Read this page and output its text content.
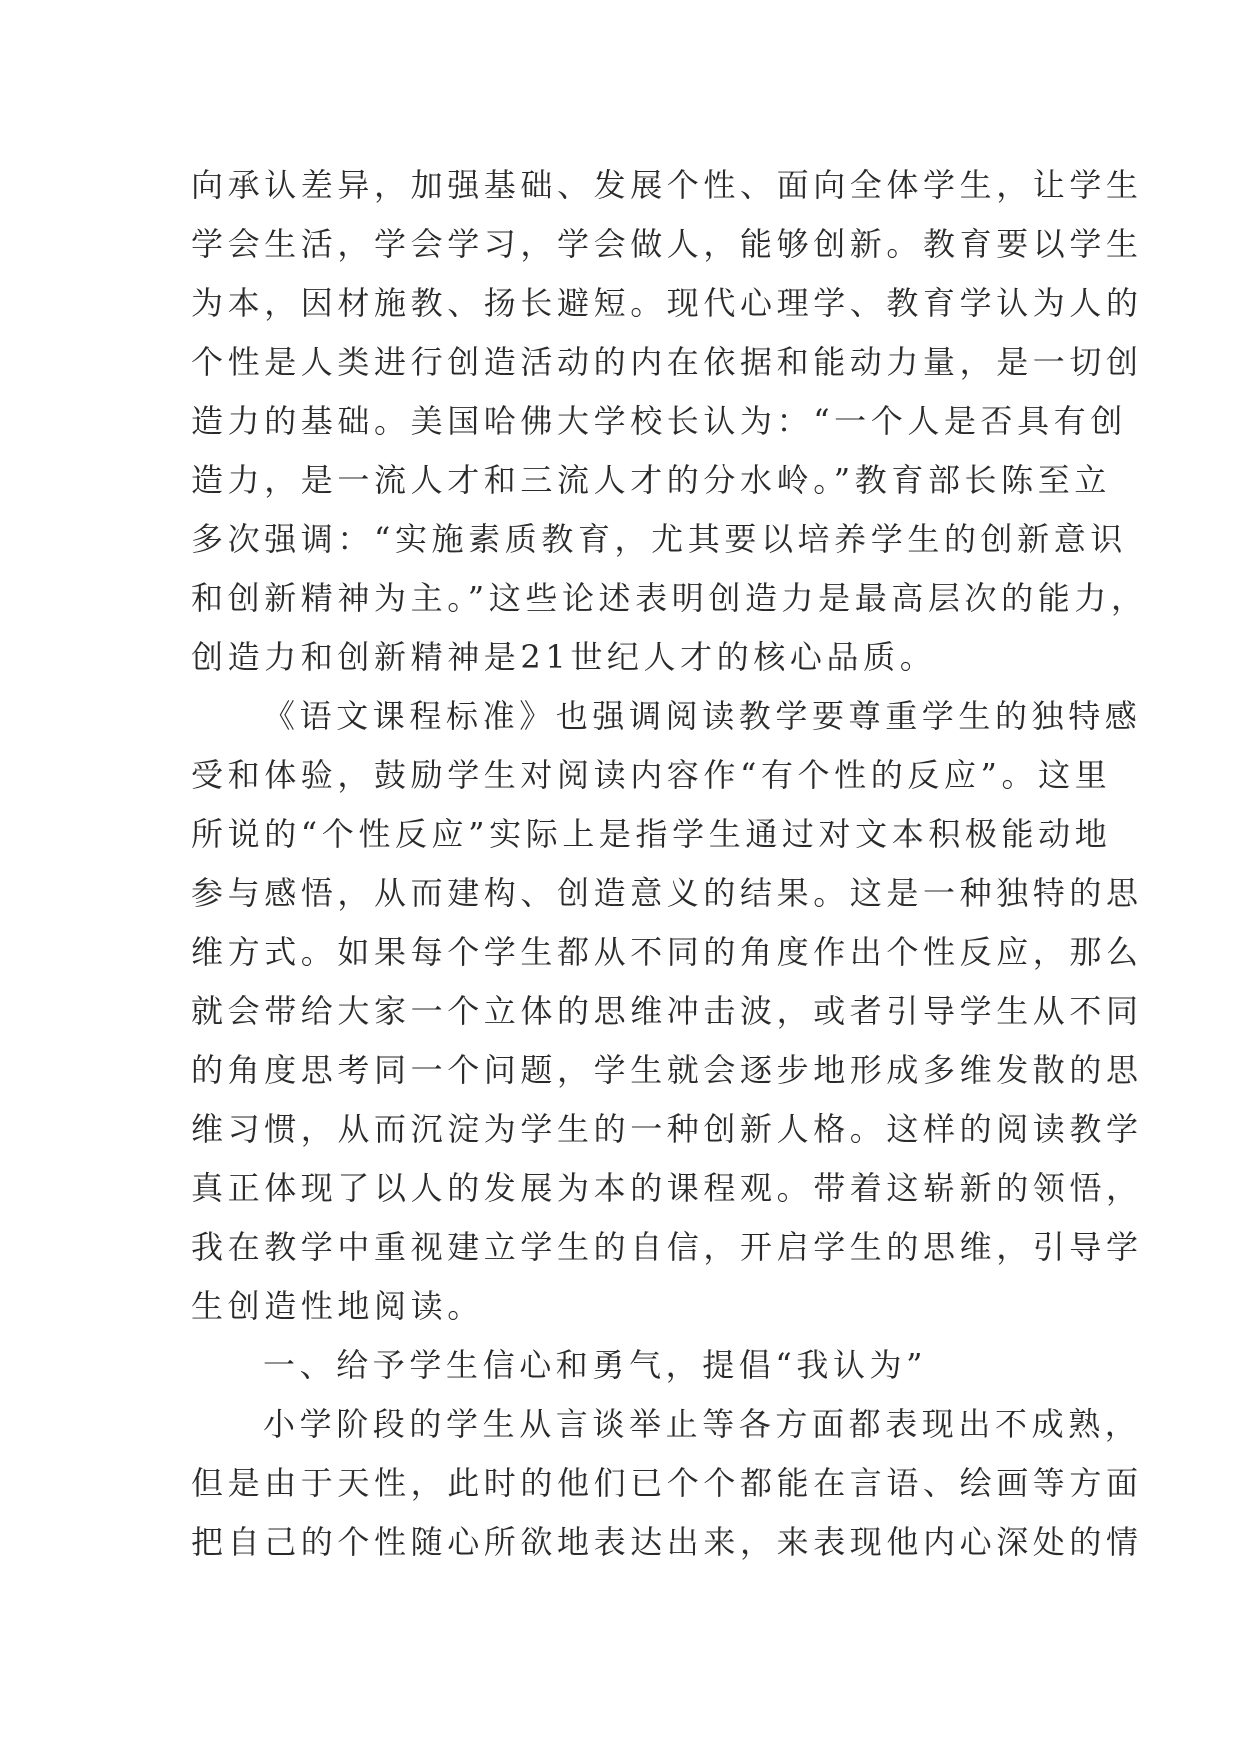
向承认差异，加强基础、发展个性、面向全体学生，让学生
学会生活，学会学习，学会做人，能够创新。教育要以学生
为本，因材施教、扬长避短。现代心理学、教育学认为人的
个性是人类进行创造活动的内在依据和能动力量，是一切创
造力的基础。美国哈佛大学校长认为：“一个人是否具有创
造力，是一流人才和三流人才的分水岭。”教育部长陈至立
多次强调：“实施素质教育，尤其要以培养学生的创新意识
和创新精神为主。”这些论述表明创造力是最高层次的能力，
创造力和创新精神是21世纪人才的核心品质。
《语文课程标准》也强调阅读教学要尊重学生的独特感
受和体验，鼓励学生对阅读内容作“有个性的反应”。这里
所说的“个性反应”实际上是指学生通过对文本积极能动地
参与感悟，从而建构、创造意义的结果。这是一种独特的思
维方式。如果每个学生都从不同的角度作出个性反应，那么
就会带给大家一个立体的思维冲击波，或者引导学生从不同
的角度思考同一个问题，学生就会逐步地形成多维发散的思
维习惯，从而沉淀为学生的一种创新人格。这样的阅读教学
真正体现了以人的发展为本的课程观。带着这崭新的领悟，
我在教学中重视建立学生的自信，开启学生的思维，引导学
生创造性地阅读。
一、给予学生信心和勇气，提倡“我认为”
小学阶段的学生从言谈举止等各方面都表现出不成熟，
但是由于天性，此时的他们已个个都能在言语、绘画等方面
把自己的个性随心所欲地表达出来，来表现他内心深处的情
